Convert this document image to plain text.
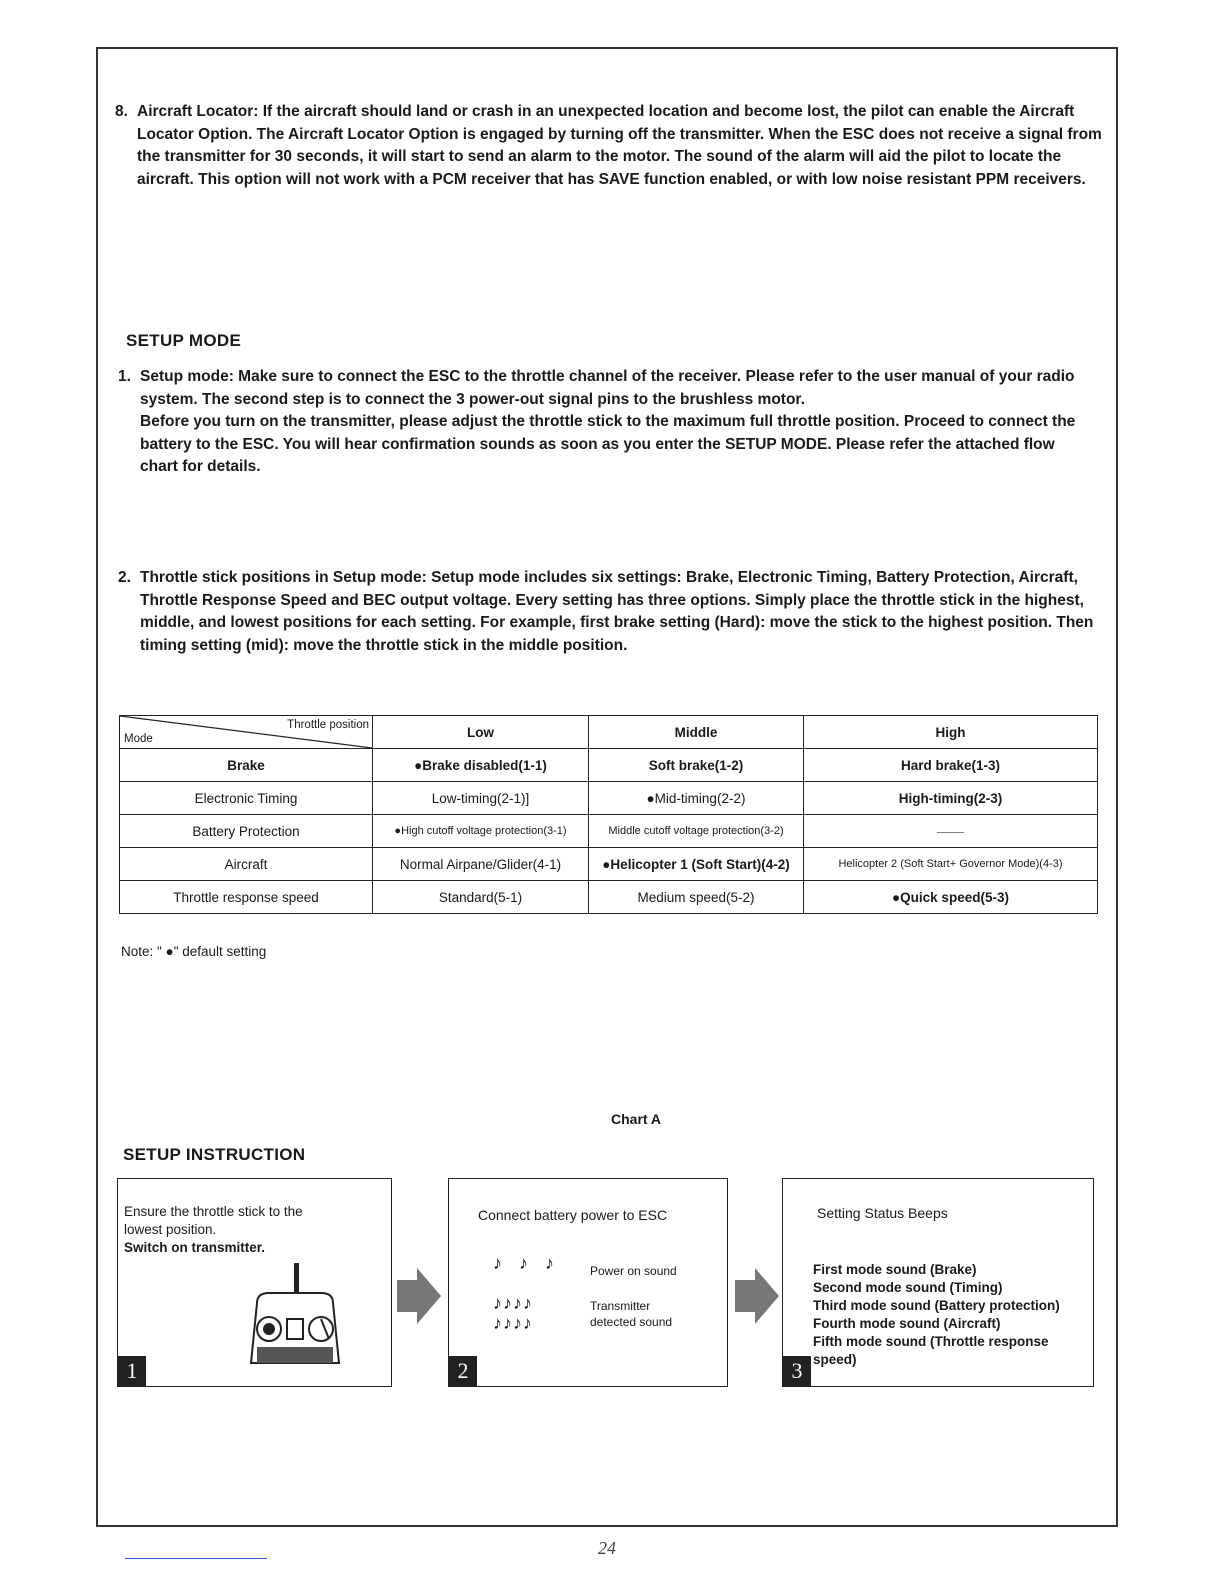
8. Aircraft Locator: If the aircraft should land or crash in an unexpected location and become lost, the pilot can enable the Aircraft Locator Option. The Aircraft Locator Option is engaged by turning off the transmitter. When the ESC does not receive a signal from the transmitter for 30 seconds, it will start to send an alarm to the motor. The sound of the alarm will aid the pilot to locate the aircraft. This option will not work with a PCM receiver that has SAVE function enabled, or with low noise resistant PPM receivers.

SETUP MODE
1. Setup mode: Make sure to connect the ESC to the throttle channel of the receiver. Please refer to the user manual of your radio system. The second step is to connect the 3 power-out signal pins to the brushless motor.

Before you turn on the transmitter, please adjust the throttle stick to the maximum full throttle position. Proceed to connect the battery to the ESC. You will hear confirmation sounds as soon as you enter the SETUP MODE. Please refer the attached flow chart for details.

2. Throttle stick positions in Setup mode: Setup mode includes six settings: Brake, Electronic Timing, Battery Protection, Aircraft, Throttle Response Speed and BEC output voltage. Every setting has three options. Simply place the throttle stick in the highest, middle, and lowest positions for each setting. For example, first brake setting (Hard): move the stick to the highest position. Then timing setting (mid): move the throttle stick in the middle position.

Throttle position
Mode	Low	Middle	High
Brake	●Brake disabled(1-1)	Soft brake(1-2)	Hard brake(1-3)
Electronic Timing	Low-timing(2-1)]	●Mid-timing(2-2)	High-timing(2-3)
Battery Protection	●High cutoff voltage protection(3-1)	Middle cutoff voltage protection(3-2)	——
Aircraft	Normal Airpane/Glider(4-1)	●Helicopter 1 (Soft Start)(4-2)	Helicopter 2 (Soft Start+ Governor Mode)(4-3)
Throttle response speed	Standard(5-1)	Medium speed(5-2)	●Quick speed(5-3)
Note: " ●" default setting
Chart A
SETUP INSTRUCTION
Ensure the throttle stick to the
lowest position.
Switch on transmitter.
1
Connect battery power to ESC
♪ ♪ ♪	Power on sound
♪♪♪♪
♪♪♪♪
Transmitter
detected sound
2
Setting Status Beeps
First mode sound (Brake)
Second mode sound (Timing)
Third mode sound (Battery protection)
Fourth mode sound (Aircraft)
Fifth mode sound (Throttle response speed)
3
24
